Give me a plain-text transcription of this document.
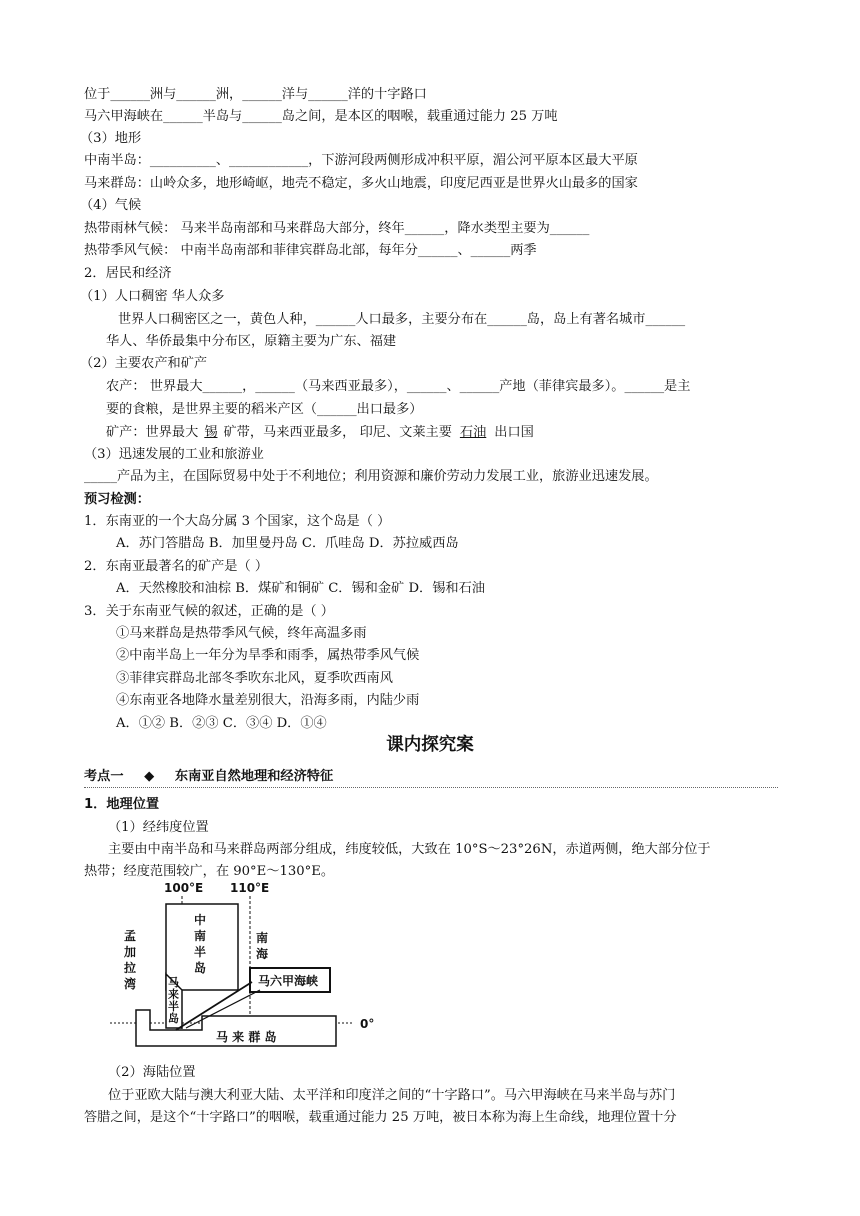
位于______洲与______洲，______洋与______洋的十字路口
马六甲海峡在______半岛与______岛之间，是本区的咽喉，载重通过能力 25 万吨
（3）地形
中南半岛：__________、____________，下游河段两侧形成冲积平原，湄公河平原本区最大平原
马来群岛：山岭众多，地形崎岖，地壳不稳定，多火山地震，印度尼西亚是世界火山最多的国家
（4）气候
热带雨林气候： 马来半岛南部和马来群岛大部分，终年______，降水类型主要为______
热带季风气候： 中南半岛南部和菲律宾群岛北部，每年分______、______两季
2．居民和经济
（1）人口稠密 华人众多
世界人口稠密区之一，黄色人种，______人口最多，主要分布在______岛，岛上有著名城市______
华人、华侨最集中分布区，原籍主要为广东、福建
（2）主要农产和矿产
农产： 世界最大______，______（马来西亚最多），______、______产地（菲律宾最多）。______是主
要的食粮，是世界主要的稻米产区（______出口最多）
矿产：世界最大 锡 矿带，马来西亚最多， 印尼、文莱主要 石油 出口国
（3）迅速发展的工业和旅游业
_____产品为主，在国际贸易中处于不利地位；利用资源和廉价劳动力发展工业，旅游业迅速发展。
预习检测：
1．东南亚的一个大岛分属 3 个国家，这个岛是（ ）
A．苏门答腊岛 B．加里曼丹岛 C．爪哇岛 D．苏拉威西岛
2．东南亚最著名的矿产是（ ）
A．天然橡胶和油棕 B．煤矿和铜矿 C．锡和金矿 D．锡和石油
3．关于东南亚气候的叙述，正确的是（ ）
①马来群岛是热带季风气候，终年高温多雨
②中南半岛上一年分为旱季和雨季，属热带季风气候
③菲律宾群岛北部冬季吹东北风，夏季吹西南风
④东南亚各地降水量差别很大，沿海多雨，内陆少雨
A．①② B．②③ C．③④ D．①④
课内探究案
考点一 ◆ 东南亚自然地理和经济特征
1．地理位置
（1）经纬度位置
主要由中南半岛和马来群岛两部分组成，纬度较低，大致在 10°S～23°26N，赤道两侧，绝大部分位于
热带；经度范围较广，在 90°E～130°E。
100°E 110°E
孟
加
拉
湾
中
南
半
岛
南
海
马
来
半
岛
马六甲海峡
0°
马 来 群 岛
（2）海陆位置
位于亚欧大陆与澳大利亚大陆、太平洋和印度洋之间的“十字路口”。马六甲海峡在马来半岛与苏门
答腊之间，是这个“十字路口”的咽喉，载重通过能力 25 万吨，被日本称为海上生命线，地理位置十分
